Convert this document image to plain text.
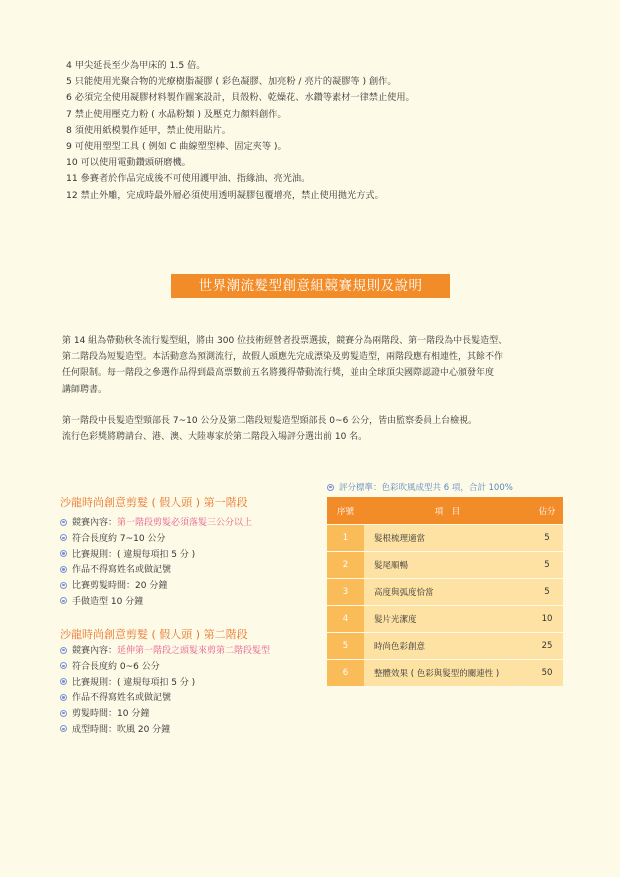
4 甲尖延長至少為甲床的 1.5 倍。
5 只能使用光聚合物的光療樹脂凝膠 ( 彩色凝膠、加亮粉 / 亮片的凝膠等 ) 創作。
6 必須完全使用凝膠材料製作圖案設計，貝殼粉、乾燥花、水鑽等素材一律禁止使用。
7 禁止使用壓克力粉 ( 水晶粉類 ) 及壓克力顏料創作。
8 須使用紙模製作延甲，禁止使用貼片。
9 可使用塑型工具 ( 例如 C 曲線塑型棒、固定夾等 )。
10 可以使用電動鑽頭研磨機。
11 參賽者於作品完成後不可使用護甲油、指緣油、亮光油。
12 禁止外雕，完成時最外層必須使用透明凝膠包覆增亮，禁止使用拋光方式。
世界潮流髮型創意組競賽規則及說明
第 14 組為帶動秋冬流行髮型組，將由 300 位技術經營者投票選拔，競賽分為兩階段、第一階段為中長髮造型、
第二階段為短髮造型。本活動意為預測流行，故假人頭應先完成漂染及剪髮造型，兩階段應有相連性，其餘不作
任何限制。每一階段之參選作品得到最高票數前五名將獲得帶動流行獎，並由全球頂尖國際認證中心頒發年度
講師聘書。
第一階段中長髮造型頸部長 7~10 公分及第二階段短髮造型頸部長 0~6 公分，皆由監察委員上台檢視。
流行色彩獎將聘請台、港、澳、大陸專家於第二階段入場評分選出前 10 名。
沙龍時尚創意剪髮 ( 假人頭 ) 第一階段
競賽內容：第一階段剪髮必須落髮三公分以上
符合長度約 7~10 公分
比賽規則：( 違規每項扣 5 分 )
作品不得寫姓名或做記號
比賽剪髮時間：20 分鐘
手做造型 10 分鐘
沙龍時尚創意剪髮 ( 假人頭 ) 第二階段
競賽內容：延伸第一階段之頭髮來剪第二階段髮型
符合長度約 0~6 公分
比賽規則：( 違規每項扣 5 分 )
作品不得寫姓名或做記號
剪髮時間：10 分鐘
成型時間：吹風 20 分鐘
評分標準：色彩吹風成型共 6 項，合計 100%
序號	項　目	佔分
1	髮根梳理適當	5
2	髮尾順暢	5
3	高度與弧度恰當	5
4	髮片光潔度	10
5	時尚色彩創意	25
6	整體效果 ( 色彩與髮型的關連性 )	50
